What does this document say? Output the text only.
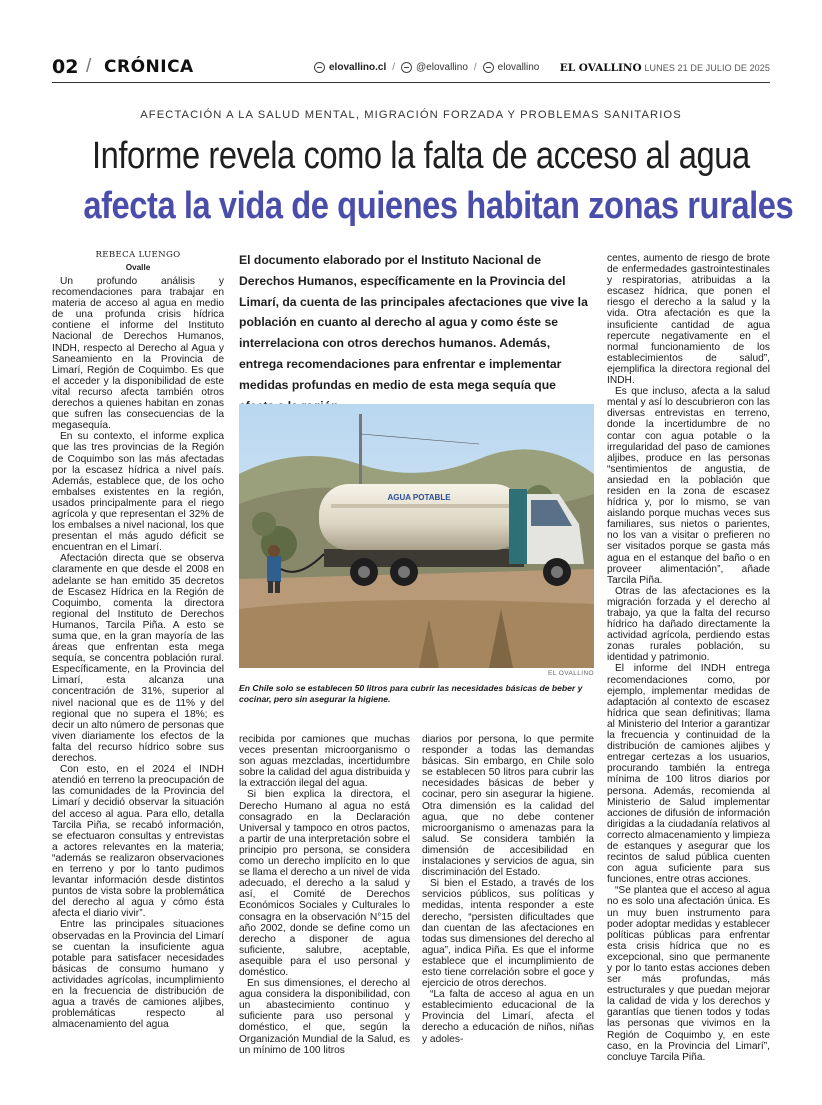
02 / CRÓNICA	elovallino.cl / @elovallino / elovallino EL OVALLINO LUNES 21 DE JULIO DE 2025
AFECTACIÓN A LA SALUD MENTAL, MIGRACIÓN FORZADA Y PROBLEMAS SANITARIOS
Informe revela como la falta de acceso al agua
afecta la vida de quienes habitan zonas rurales
REBECA LUENGO
Ovalle

Un profundo análisis y recomendaciones para trabajar en materia de acceso al agua en medio de una profunda crisis hídrica contiene el informe del Instituto Nacional de Derechos Humanos, INDH, respecto al Derecho al Agua y Saneamiento en la Provincia de Limarí, Región de Coquimbo. Es que el acceder y la disponibilidad de este vital recurso afecta también otros derechos a quienes habitan en zonas que sufren las consecuencias de la megasequía.

En su contexto, el informe explica que las tres provincias de la Región de Coquimbo son las más afectadas por la escasez hídrica a nivel país. Además, establece que, de los ocho embalses existentes en la región, usados principalmente para el riego agrícola y que representan el 32% de los embalses a nivel nacional, los que presentan el más agudo déficit se encuentran en el Limarí.

Afectación directa que se observa claramente en que desde el 2008 en adelante se han emitido 35 decretos de Escasez Hídrica en la Región de Coquimbo, comenta la directora regional del Instituto de Derechos Humanos, Tarcila Piña. A esto se suma que, en la gran mayoría de las áreas que enfrentan esta mega sequía, se concentra población rural. Específicamente, en la Provincia del Limarí, esta alcanza una concentración de 31%, superior al nivel nacional que es de 11% y del regional que no supera el 18%; es decir un alto número de personas que viven diariamente los efectos de la falta del recurso hídrico sobre sus derechos.

Con esto, en el 2024 el INDH atendió en terreno la preocupación de las comunidades de la Provincia del Limarí y decidió observar la situación del acceso al agua. Para ello, detalla Tarcila Piña, se recabó información, se efectuaron consultas y entrevistas a actores relevantes en la materia; “además se realizaron observaciones en terreno y por lo tanto pudimos levantar información desde distintos puntos de vista sobre la problemática del derecho al agua y cómo ésta afecta el diario vivir”.

Entre las principales situaciones observadas en la Provincia del Limarí se cuentan la insuficiente agua potable para satisfacer necesidades básicas de consumo humano y actividades agrícolas, incumplimiento en la frecuencia de distribución de agua a través de camiones aljibes, problemáticas respecto al almacenamiento del agua

El documento elaborado por el Instituto Nacional de Derechos Humanos, específicamente en la Provincia del Limarí, da cuenta de las principales afectaciones que vive la población en cuanto al derecho al agua y como éste se interrelaciona con otros derechos humanos. Además, entrega recomendaciones para enfrentar e implementar medidas profundas en medio de esta mega sequía que
AGUA POTABLE
EL OVALLINO
En Chile solo se establecen 50 litros para cubrir las necesidades básicas de beber y cocinar, pero sin asegurar la higiene.

recibida por camiones que muchas veces presentan microorganismo o son aguas mezcladas, incertidumbre sobre la calidad del agua distribuida y la extracción ilegal del agua.

Si bien explica la directora, el Derecho Humano al agua no está consagrado en la Declaración Universal y tampoco en otros pactos, a partir de una interpretación sobre el principio pro persona, se considera como un derecho implícito en lo que se llama el derecho a un nivel de vida adecuado, el derecho a la salud y así, el Comité de Derechos Económicos Sociales y Culturales lo consagra en la observación N°15 del año 2002, donde se define como un derecho a disponer de agua suficiente, salubre, aceptable, asequible para el uso personal y doméstico.

En sus dimensiones, el derecho al agua considera la disponibilidad, con un abastecimiento continuo y suficiente para uso personal y doméstico, el que, según la Organización Mundial de la Salud, es un mínimo de 100 litros

diarios por persona, lo que permite responder a todas las demandas básicas. Sin embargo, en Chile solo se establecen 50 litros para cubrir las necesidades básicas de beber y cocinar, pero sin asegurar la higiene. Otra dimensión es la calidad del agua, que no debe contener microorganismo o amenazas para la salud. Se considera también la dimensión de accesibilidad en instalaciones y servicios de agua, sin discriminación del Estado.

Si bien el Estado, a través de los servicios públicos, sus políticas y medidas, intenta responder a este derecho, “persisten dificultades que dan cuentan de las afectaciones en todas sus dimensiones del derecho al agua”, indica Piña. Es que el informe establece que el incumplimiento de esto tiene correlación sobre el goce y ejercicio de otros derechos.

“La falta de acceso al agua en un establecimiento educacional de la Provincia del Limarí, afecta el derecho a educación de niños, niñas y adoles-

centes, aumento de riesgo de brote de enfermedades gastrointestinales y respiratorias, atribuidas a la escasez hídrica, que ponen el riesgo el derecho a la salud y la vida. Otra afectación es que la insuficiente cantidad de agua repercute negativamente en el normal funcionamiento de los establecimientos de salud”, ejemplifica la directora regional del INDH.

Es que incluso, afecta a la salud mental y así lo descubrieron con las diversas entrevistas en terreno, donde la incertidumbre de no contar con agua potable o la irregularidad del paso de camiones aljibes, produce en las personas “sentimientos de angustia, de ansiedad en la población que residen en la zona de escasez hídrica y, por lo mismo, se van aislando porque muchas veces sus familiares, sus nietos o parientes, no los van a visitar o prefieren no ser visitados porque se gasta más agua en el estanque del baño o en proveer alimentación”, añade Tarcila Piña.

Otras de las afectaciones es la migración forzada y el derecho al trabajo, ya que la falta del recurso hídrico ha dañado directamente la actividad agrícola, perdiendo estas zonas rurales población, su identidad y patrimonio.

El informe del INDH entrega recomendaciones como, por ejemplo, implementar medidas de adaptación al contexto de escasez hídrica que sean definitivas; llama al Ministerio del Interior a garantizar la frecuencia y continuidad de la distribución de camiones aljibes y entregar certezas a los usuarios, procurando también la entrega mínima de 100 litros diarios por persona. Además, recomienda al Ministerio de Salud implementar acciones de difusión de información dirigidas a la ciudadanía relativos al correcto almacenamiento y limpieza de estanques y asegurar que los recintos de salud pública cuenten con agua suficiente para sus funciones, entre otras acciones.

“Se plantea que el acceso al agua no es solo una afectación única. Es un muy buen instrumento para poder adoptar medidas y establecer políticas públicas para enfrentar esta crisis hídrica que no es excepcional, sino que permanente y por lo tanto estas acciones deben ser más profundas, más estructurales y que puedan mejorar la calidad de vida y los derechos y garantías que tienen todos y todas las personas que vivimos en la Región de Coquimbo y, en este caso, en la Provincia del Limarí”, concluye Tarcila Piña.
